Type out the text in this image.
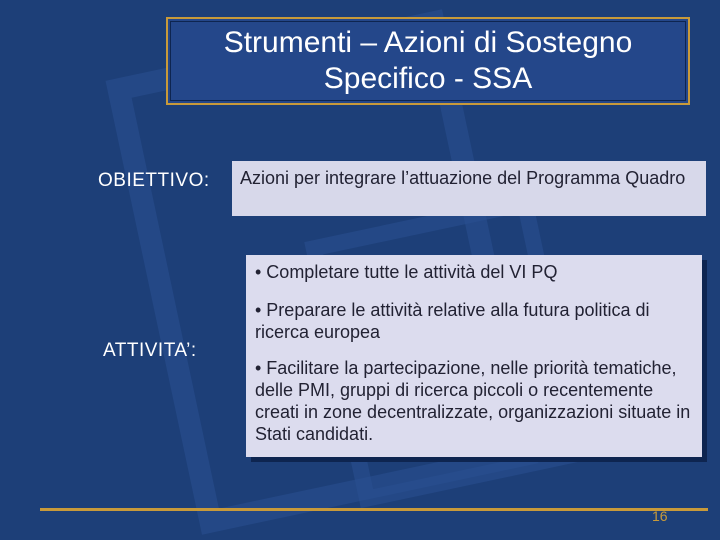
Strumenti – Azioni di Sostegno
Specifico - SSA
OBIETTIVO:	Azioni per integrare l’attuazione del Programma Quadro
ATTIVITA’:

• Completare tutte le attività del VI PQ

• Preparare le attività relative alla futura politica di ricerca europea

• Facilitare la partecipazione, nelle priorità tematiche, delle PMI, gruppi di ricerca piccoli o recentemente creati in zone decentralizzate, organizzazioni situate in Stati candidati.

16
